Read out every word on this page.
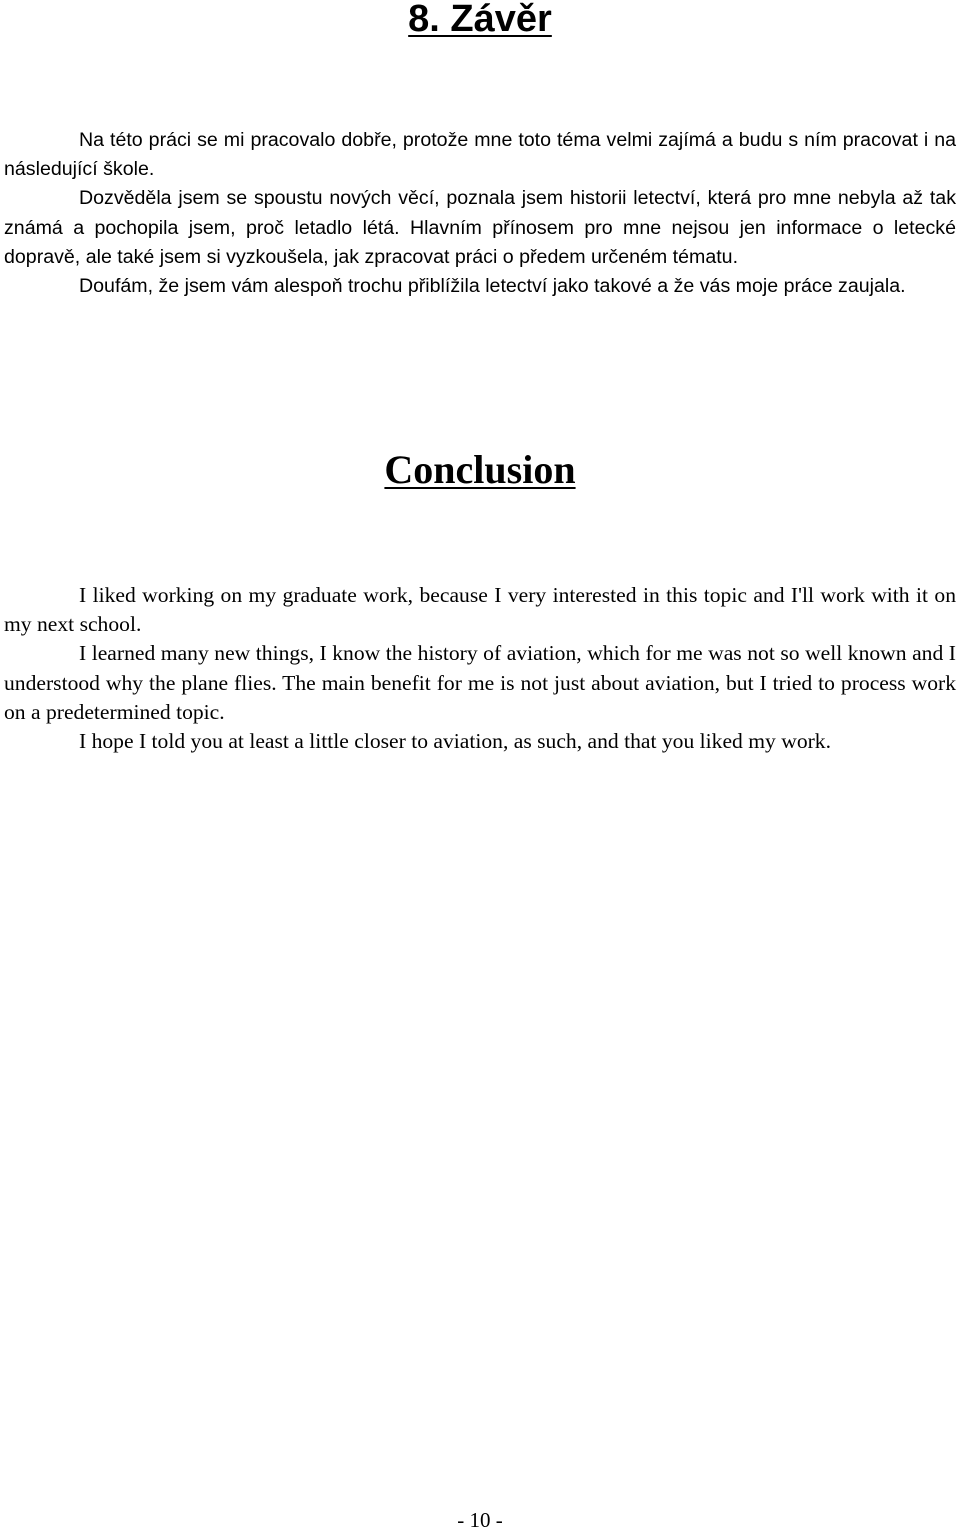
8. Závěr

Na této práci se mi pracovalo dobře, protože mne toto téma velmi zajímá a budu s ním pracovat i na následující škole.

Dozvěděla jsem se spoustu nových věcí, poznala jsem historii letectví, která pro mne nebyla až tak známá a pochopila jsem, proč letadlo létá. Hlavním přínosem pro mne nejsou jen informace o letecké dopravě, ale také jsem si vyzkoušela, jak zpracovat práci o předem určeném tématu.

Doufám, že jsem vám alespoň trochu přiblížila letectví jako takové a že vás moje práce zaujala.

Conclusion

I liked working on my graduate work, because I very interested in this topic and I'll work with it on my next school.

I learned many new things, I know the history of aviation, which for me was not so well known and I understood why the plane flies. The main benefit for me is not just about aviation, but I tried to process work on a predetermined topic.

I hope I told you at least a little closer to aviation, as such, and that you liked my work.

- 10 -
